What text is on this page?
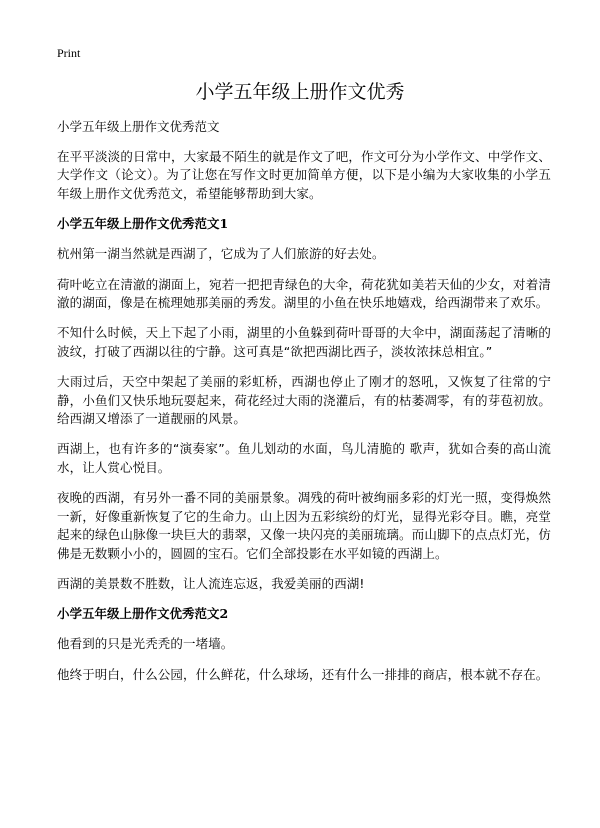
Print
小学五年级上册作文优秀
小学五年级上册作文优秀范文

在平平淡淡的日常中，大家最不陌生的就是作文了吧，作文可分为小学作文、中学作文、大学作文（论文）。为了让您在写作文时更加简单方便，以下是小编为大家收集的小学五年级上册作文优秀范文，希望能够帮助到大家。

小学五年级上册作文优秀范文1

杭州第一湖当然就是西湖了，它成为了人们旅游的好去处。

荷叶屹立在清澈的湖面上，宛若一把把青绿色的大伞，荷花犹如美若天仙的少女，对着清澈的湖面，像是在梳理她那美丽的秀发。湖里的小鱼在快乐地嬉戏，给西湖带来了欢乐。

不知什么时候，天上下起了小雨，湖里的小鱼躲到荷叶哥哥的大伞中，湖面荡起了清晰的波纹，打破了西湖以往的宁静。这可真是“欲把西湖比西子，淡妆浓抹总相宜。”

大雨过后，天空中架起了美丽的彩虹桥，西湖也停止了刚才的怒吼，又恢复了往常的宁静，小鱼们又快乐地玩耍起来，荷花经过大雨的浇灌后，有的枯萎凋零，有的芽苞初放。给西湖又增添了一道靓丽的风景。

西湖上，也有许多的“演奏家”。鱼儿划动的水面，鸟儿清脆的 歌声，犹如合奏的高山流水，让人赏心悦目。

夜晚的西湖，有另外一番不同的美丽景象。凋残的荷叶被绚丽多彩的灯光一照，变得焕然一新，好像重新恢复了它的生命力。山上因为五彩缤纷的灯光，显得光彩夺目。瞧，亮堂起来的绿色山脉像一块巨大的翡翠，又像一块闪亮的美丽琉璃。而山脚下的点点灯光，仿佛是无数颗小小的，圆圆的宝石。它们全部投影在水平如镜的西湖上。

西湖的美景数不胜数，让人流连忘返，我爱美丽的西湖!

小学五年级上册作文优秀范文2

他看到的只是光秃秃的一堵墙。

他终于明白，什么公园，什么鲜花，什么球场，还有什么一排排的商店，根本就不存在。
